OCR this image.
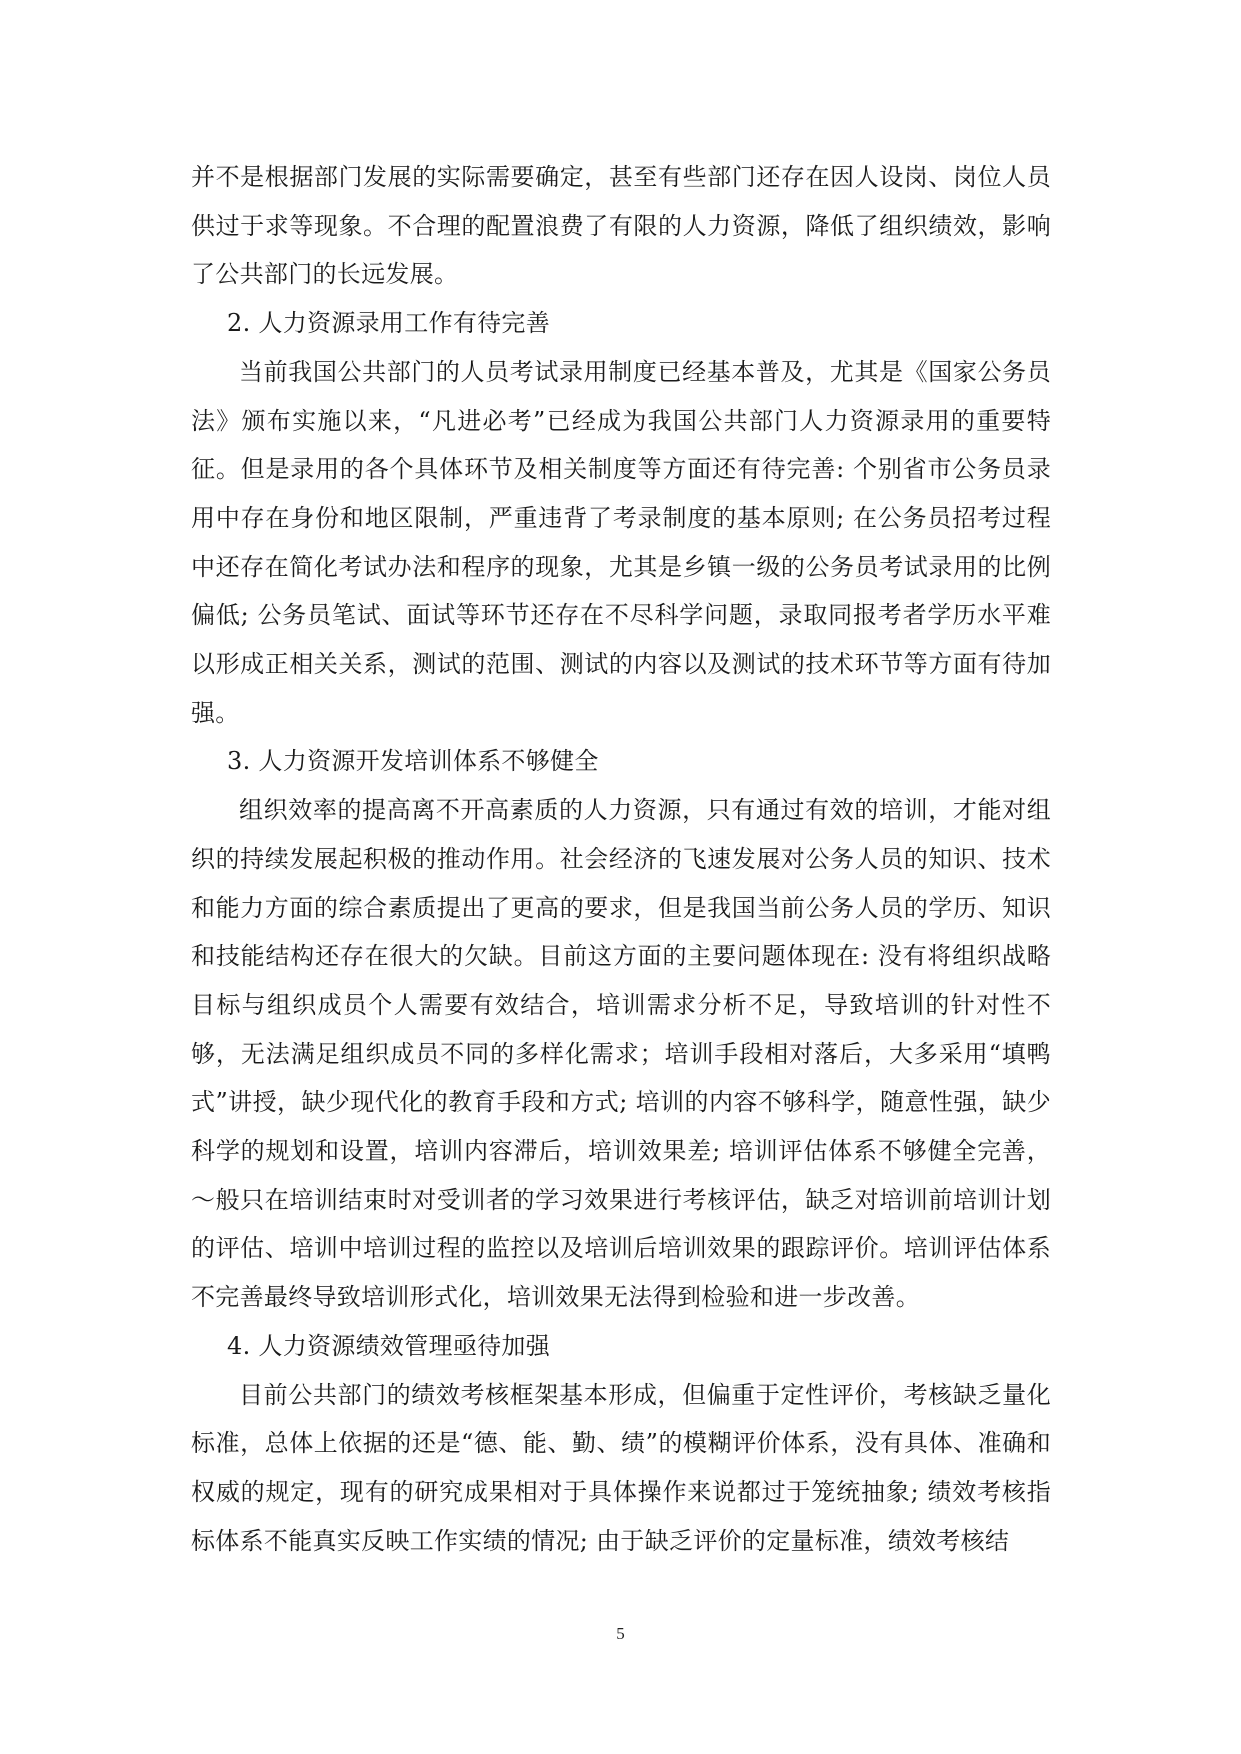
并不是根据部门发展的实际需要确定，甚至有些部门还存在因人设岗、岗位人员供过于求等现象。不合理的配置浪费了有限的人力资源，降低了组织绩效，影响了公共部门的长远发展。

2. 人力资源录用工作有待完善

当前我国公共部门的人员考试录用制度已经基本普及，尤其是《国家公务员法》颁布实施以来，“凡进必考”已经成为我国公共部门人力资源录用的重要特征。但是录用的各个具体环节及相关制度等方面还有待完善: 个别省市公务员录用中存在身份和地区限制，严重违背了考录制度的基本原则; 在公务员招考过程中还存在简化考试办法和程序的现象，尤其是乡镇一级的公务员考试录用的比例偏低; 公务员笔试、面试等环节还存在不尽科学问题，录取同报考者学历水平难以形成正相关关系，测试的范围、测试的内容以及测试的技术环节等方面有待加强。

3. 人力资源开发培训体系不够健全

组织效率的提高离不开高素质的人力资源，只有通过有效的培训，才能对组织的持续发展起积极的推动作用。社会经济的飞速发展对公务人员的知识、技术和能力方面的综合素质提出了更高的要求，但是我国当前公务人员的学历、知识和技能结构还存在很大的欠缺。目前这方面的主要问题体现在: 没有将组织战略目标与组织成员个人需要有效结合，培训需求分析不足，导致培训的针对性不够，无法满足组织成员不同的多样化需求；培训手段相对落后，大多采用“填鸭式”讲授，缺少现代化的教育手段和方式; 培训的内容不够科学，随意性强，缺少科学的规划和设置，培训内容滞后，培训效果差; 培训评估体系不够健全完善，～般只在培训结束时对受训者的学习效果进行考核评估，缺乏对培训前培训计划的评估、培训中培训过程的监控以及培训后培训效果的跟踪评价。培训评估体系不完善最终导致培训形式化，培训效果无法得到检验和进一步改善。

4. 人力资源绩效管理亟待加强

目前公共部门的绩效考核框架基本形成，但偏重于定性评价，考核缺乏量化标准，总体上依据的还是“德、能、勤、绩”的模糊评价体系，没有具体、准确和权威的规定，现有的研究成果相对于具体操作来说都过于笼统抽象; 绩效考核指标体系不能真实反映工作实绩的情况; 由于缺乏评价的定量标准，绩效考核结

5
